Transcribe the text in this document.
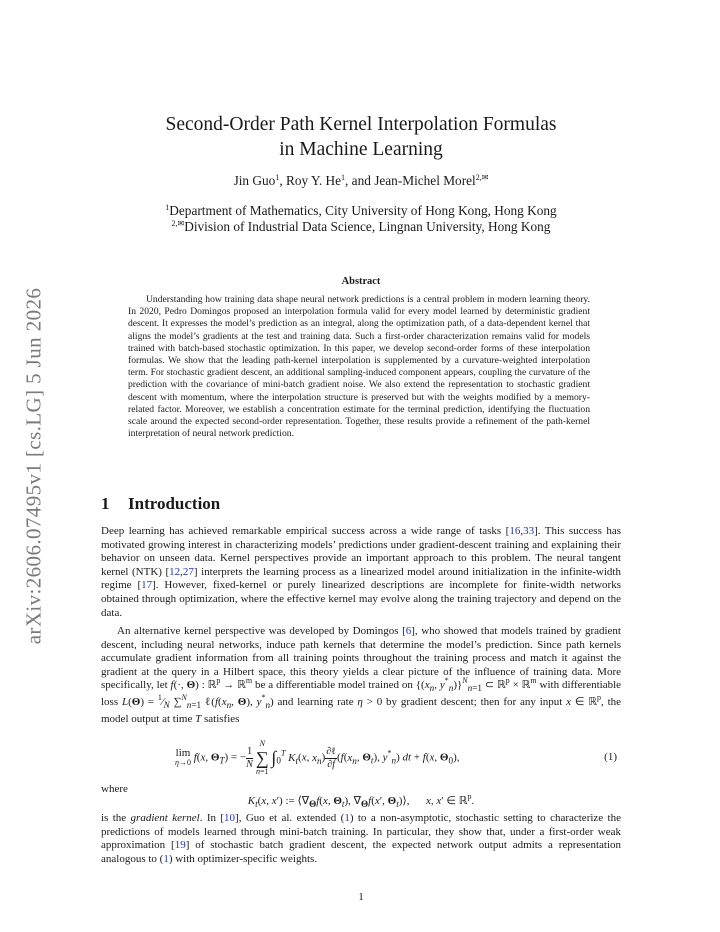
arXiv:2606.07495v1 [cs.LG] 5 Jun 2026
Second-Order Path Kernel Interpolation Formulas
in Machine Learning
Jin Guo$^1$, Roy Y. He$^1$, and Jean-Michel Morel$^{2,✉}$
$^1$Department of Mathematics, City University of Hong Kong, Hong Kong
$^{2,✉}$Division of Industrial Data Science, Lingnan University, Hong Kong
Abstract

Understanding how training data shape neural network predictions is a central problem in modern learning theory. In 2020, Pedro Domingos proposed an interpolation formula valid for every model learned by deterministic gradient descent. It expresses the model’s prediction as an integral, along the optimization path, of a data-dependent kernel that aligns the model’s gradients at the test and training data. Such a first-order characterization remains valid for models trained with batch-based stochastic optimization. In this paper, we develop second-order forms of these interpolation formulas. We show that the leading path-kernel interpolation is supplemented by a curvature-weighted interpolation term. For stochastic gradient descent, an additional sampling-induced component appears, coupling the curvature of the prediction with the covariance of mini-batch gradient noise. We also extend the representation to stochastic gradient descent with momentum, where the interpolation structure is preserved but with the weights modified by a memory-related factor. Moreover, we establish a concentration estimate for the terminal prediction, identifying the fluctuation scale around the expected second-order representation. Together, these results provide a refinement of the path-kernel interpretation of neural network prediction.

1 Introduction

Deep learning has achieved remarkable empirical success across a wide range of tasks [16,33]. This success has motivated growing interest in characterizing models’ predictions under gradient-descent training and explaining their behavior on unseen data. Kernel perspectives provide an important approach to this problem. The neural tangent kernel (NTK) [12,27] interprets the learning process as a linearized model around initialization in the infinite-width regime [17]. However, fixed-kernel or purely linearized descriptions are incomplete for finite-width networks obtained through optimization, where the effective kernel may evolve along the training trajectory and depend on the data.

An alternative kernel perspective was developed by Domingos [6], who showed that models trained by gradient descent, including neural networks, induce path kernels that determine the model’s prediction. Since path kernels accumulate gradient information from all training points throughout the training process and match it against the gradient at the query in a Hilbert space, this theory yields a clear picture of the influence of training data. More specifically, let f(·, Θ) : ℝ$^p$ → ℝ$^m$ be a differentiable model trained on {($x_n$, $y^*_n)\}^N_{n=1}$ ⊂ ℝ$^p$ × ℝ$^m$ with differentiable loss $L(\Theta) = ^1⁄_N$ ∑$^N_{n=1}$ $\ell(f(x_n$, Θ), $y^*_n$) and learning rate η > 0 by gradient descent; then for any input x ∈ ℝ$^p$, the model output at time T satisfies

lim
η→0 f(x, $\Theta_T$) = − $\frac{1}{N}$
N
∑
n=1 $\int_0^T$ $K_t(x$, $x_n) \frac{\text{∂ℓ}}{\partial f} (f(x_n$, $\Theta_t$), $y^*_n$) dt + f(x, $\Theta_0$),	(1)
where
$K_t(x$, x′) := $⟨\nabla_\Theta f(x$, $\Theta_t$), $\nabla_\Theta f(x'$, $\Theta_t)⟩$,      x, x′ ∈ ℝ$^p$.

is the gradient kernel. In [10], Guo et al. extended (1) to a non-asymptotic, stochastic setting to characterize the predictions of models learned through mini-batch training. In particular, they show that, under a first-order weak approximation [19] of stochastic batch gradient descent, the expected network output admits a representation analogous to (1) with optimizer-specific weights.

1
